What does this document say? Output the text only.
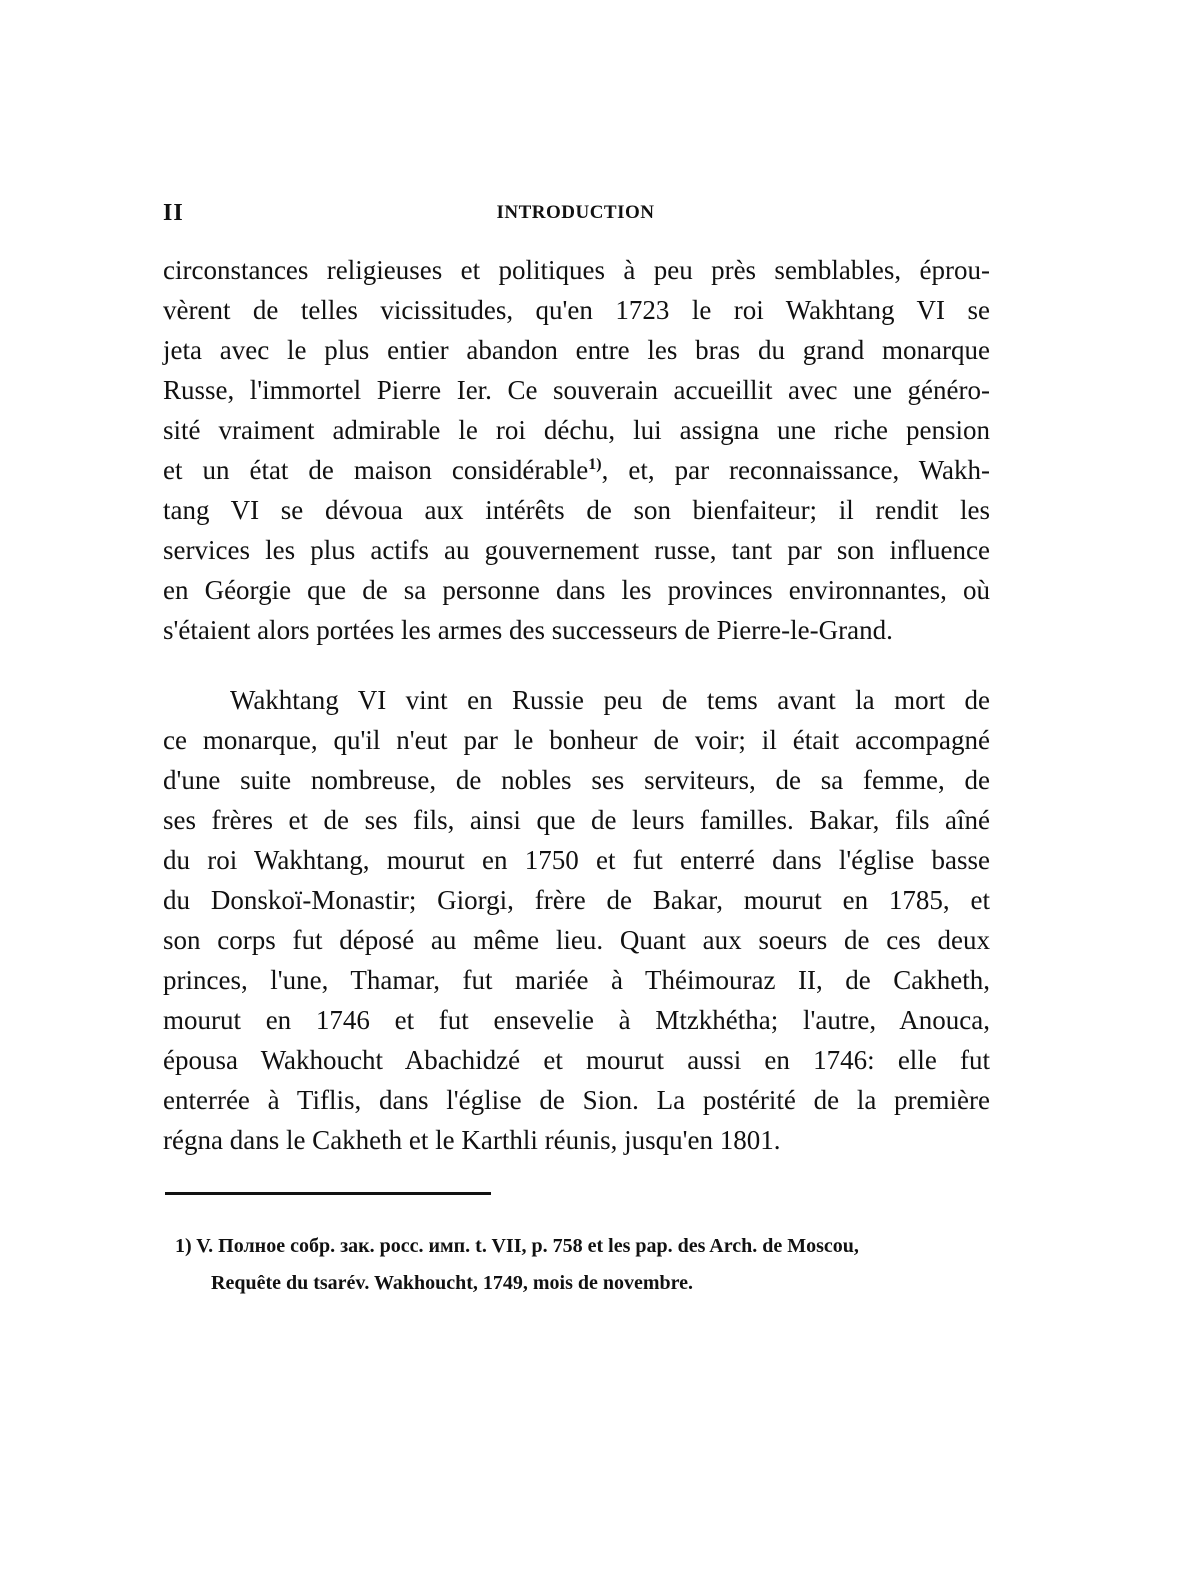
II	INTRODUCTION
circonstances religieuses et politiques à peu près semblables, éprou-
vèrent de telles vicissitudes, qu'en 1723 le roi Wakhtang VI se
jeta avec le plus entier abandon entre les bras du grand monarque
Russe, l'immortel Pierre Ier. Ce souverain accueillit avec une généro-
sité vraiment admirable le roi déchu, lui assigna une riche pension
et un état de maison considérable$^{1)}$, et, par reconnaissance, Wakh-
tang VI se dévoua aux intérêts de son bienfaiteur; il rendit les
services les plus actifs au gouvernement russe, tant par son influence
en Géorgie que de sa personne dans les provinces environnantes, où
s'étaient alors portées les armes des successeurs de Pierre-le-Grand.
Wakhtang VI vint en Russie peu de tems avant la mort de
ce monarque, qu'il n'eut par le bonheur de voir; il était accompagné
d'une suite nombreuse, de nobles ses serviteurs, de sa femme, de
ses frères et de ses fils, ainsi que de leurs familles. Bakar, fils aîné
du roi Wakhtang, mourut en 1750 et fut enterré dans l'église basse
du Donskoï-Monastir; Giorgi, frère de Bakar, mourut en 1785, et
son corps fut déposé au même lieu. Quant aux soeurs de ces deux
princes, l'une, Thamar, fut mariée à Théimouraz II, de Cakheth,
mourut en 1746 et fut ensevelie à Mtzkhétha; l'autre, Anouca,
épousa Wakhoucht Abachidzé et mourut aussi en 1746: elle fut
enterrée à Tiflis, dans l'église de Sion. La postérité de la première
régna dans le Cakheth et le Karthli réunis, jusqu'en 1801.
1) V. Полное собр. зак. росс. имп. t. VII, p. 758 et les pap. des Arch. de Moscou,
Requête du tsarév. Wakhoucht, 1749, mois de novembre.
